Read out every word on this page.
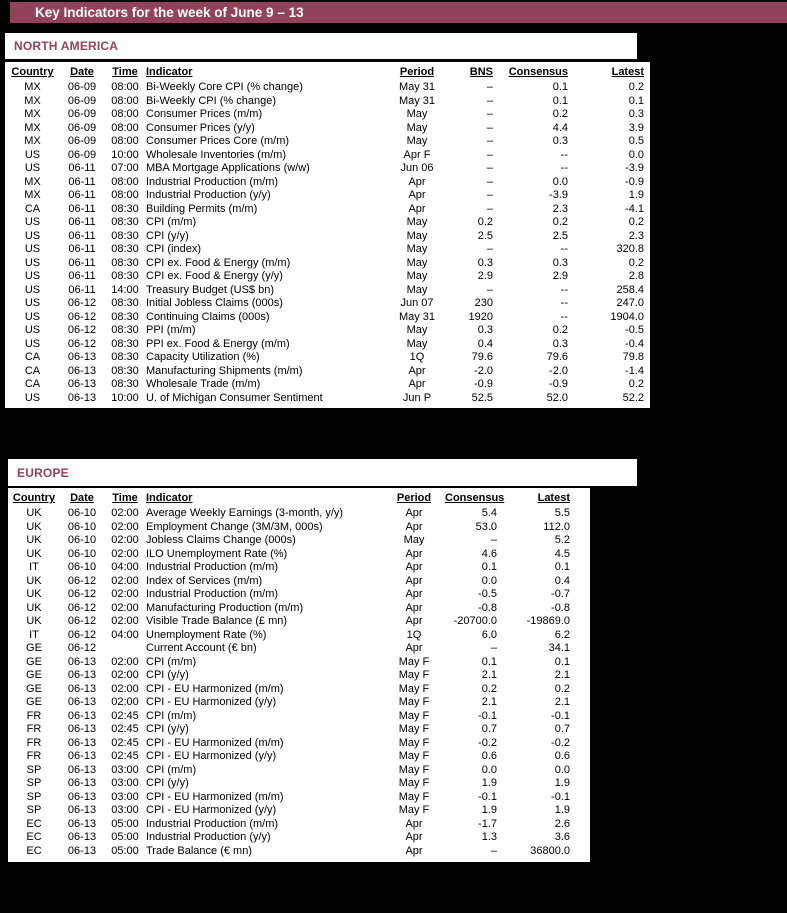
Key Indicators for the week of June 9 – 13
NORTH AMERICA
Country	Date	Time Indicator	Period	BNS	Consensus	Latest
MX	06-09	08:00 Bi-Weekly Core CPI (% change)	May 31	–	0.1	0.2
MX	06-09	08:00 Bi-Weekly CPI (% change)	May 31	–	0.1	0.1
MX	06-09	08:00 Consumer Prices (m/m)	May	–	0.2	0.3
MX	06-09	08:00 Consumer Prices (y/y)	May	–	4.4	3.9
MX	06-09	08:00 Consumer Prices Core (m/m)	May	–	0.3	0.5
US	06-09	10:00 Wholesale Inventories (m/m)	Apr F	–	--	0.0
US	06-11	07:00 MBA Mortgage Applications (w/w)	Jun 06	–	--	-3.9
MX	06-11	08:00 Industrial Production (m/m)	Apr	–	0.0	-0.9
MX	06-11	08:00 Industrial Production (y/y)	Apr	–	-3.9	1.9
CA	06-11	08:30 Building Permits (m/m)	Apr	–	2.3	-4.1
US	06-11	08:30 CPI (m/m)	May	0.2	0.2	0.2
US	06-11	08:30 CPI (y/y)	May	2.5	2.5	2.3
US	06-11	08:30 CPI (index)	May	–	--	320.8
US	06-11	08:30 CPI ex. Food & Energy (m/m)	May	0.3	0.3	0.2
US	06-11	08:30 CPI ex. Food & Energy (y/y)	May	2.9	2.9	2.8
US	06-11	14:00 Treasury Budget (US$ bn)	May	–	--	258.4
US	06-12	08:30 Initial Jobless Claims (000s)	Jun 07	230	--	247.0
US	06-12	08:30 Continuing Claims (000s)	May 31	1920	--	1904.0
US	06-12	08:30 PPI (m/m)	May	0.3	0.2	-0.5
US	06-12	08:30 PPI ex. Food & Energy (m/m)	May	0.4	0.3	-0.4
CA	06-13	08:30 Capacity Utilization (%)	1Q	79.6	79.6	79.8
CA	06-13	08:30 Manufacturing Shipments (m/m)	Apr	-2.0	-2.0	-1.4
CA	06-13	08:30 Wholesale Trade (m/m)	Apr	-0.9	-0.9	0.2
US	06-13	10:00 U. of Michigan Consumer Sentiment	Jun P	52.5	52.0	52.2
EUROPE
Country	Date	Time Indicator	Period	Consensus	Latest
UK	06-10	02:00 Average Weekly Earnings (3-month, y/y)	Apr	5.4	5.5
UK	06-10	02:00 Employment Change (3M/3M, 000s)	Apr	53.0	112.0
UK	06-10	02:00 Jobless Claims Change (000s)	May	–	5.2
UK	06-10	02:00 ILO Unemployment Rate (%)	Apr	4.6	4.5
IT	06-10	04:00 Industrial Production (m/m)	Apr	0.1	0.1
UK	06-12	02:00 Index of Services (m/m)	Apr	0.0	0.4
UK	06-12	02:00 Industrial Production (m/m)	Apr	-0.5	-0.7
UK	06-12	02:00 Manufacturing Production (m/m)	Apr	-0.8	-0.8
UK	06-12	02:00 Visible Trade Balance (£ mn)	Apr	-20700.0	-19869.0
IT	06-12	04:00 Unemployment Rate (%)	1Q	6.0	6.2
GE	06-12	Current Account (€ bn)	Apr	–	34.1
GE	06-13	02:00 CPI (m/m)	May F	0.1	0.1
GE	06-13	02:00 CPI (y/y)	May F	2.1	2.1
GE	06-13	02:00 CPI - EU Harmonized (m/m)	May F	0.2	0.2
GE	06-13	02:00 CPI - EU Harmonized (y/y)	May F	2.1	2.1
FR	06-13	02:45 CPI (m/m)	May F	-0.1	-0.1
FR	06-13	02:45 CPI (y/y)	May F	0.7	0.7
FR	06-13	02:45 CPI - EU Harmonized (m/m)	May F	-0.2	-0.2
FR	06-13	02:45 CPI - EU Harmonized (y/y)	May F	0.6	0.6
SP	06-13	03:00 CPI (m/m)	May F	0.0	0.0
SP	06-13	03:00 CPI (y/y)	May F	1.9	1.9
SP	06-13	03:00 CPI - EU Harmonized (m/m)	May F	-0.1	-0.1
SP	06-13	03:00 CPI - EU Harmonized (y/y)	May F	1.9	1.9
EC	06-13	05:00 Industrial Production (m/m)	Apr	-1.7	2.6
EC	06-13	05:00 Industrial Production (y/y)	Apr	1.3	3.6
EC	06-13	05:00 Trade Balance (€ mn)	Apr	–	36800.0
